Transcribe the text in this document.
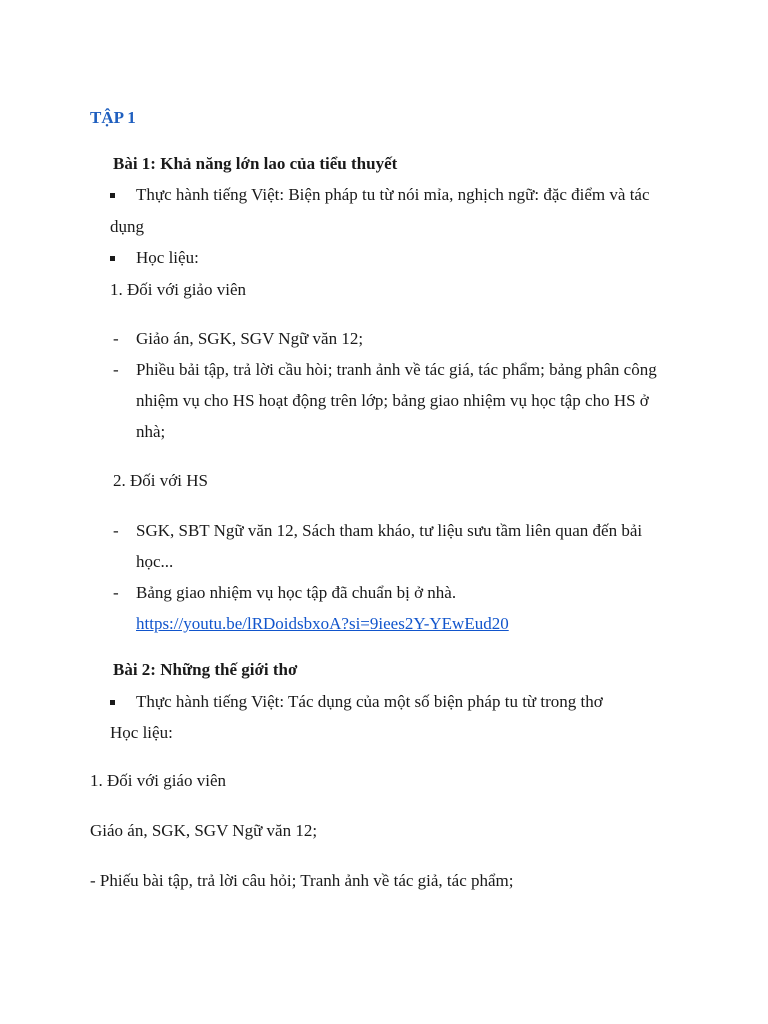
TẬP 1
Bài 1: Khả năng lớn lao của tiểu thuyết
Thực hành tiếng Việt: Biện pháp tu từ nói mỉa, nghịch ngữ: đặc điểm và tác
dụng
Học liệu:
1. Đối với giảo viên
- Giảo án, SGK, SGV Ngữ văn 12;
- Phiều bải tập, trả lời cầu hòi; tranh ảnh về tác giá, tác phẩm; bảng phân công
nhiệm vụ cho HS hoạt động trên lớp; bảng giao nhiệm vụ học tập cho HS ở
nhà;
2. Đối với HS
- SGK, SBT Ngữ văn 12, Sách tham kháo, tư liệu sưu tầm liên quan đến bải
học...
- Bảng giao nhiệm vụ học tập đã chuẩn bị ở nhà.
https://youtu.be/lRDoidsbxoA?si=9iees2Y-YEwEud20
Bài 2: Những thế giới thơ
Thực hành tiếng Việt: Tác dụng của một số biện pháp tu từ trong thơ
Học liệu:
1. Đối với giáo viên
Giáo án, SGK, SGV Ngữ văn 12;
- Phiếu bài tập, trả lời câu hỏi; Tranh ảnh về tác giả, tác phẩm;
